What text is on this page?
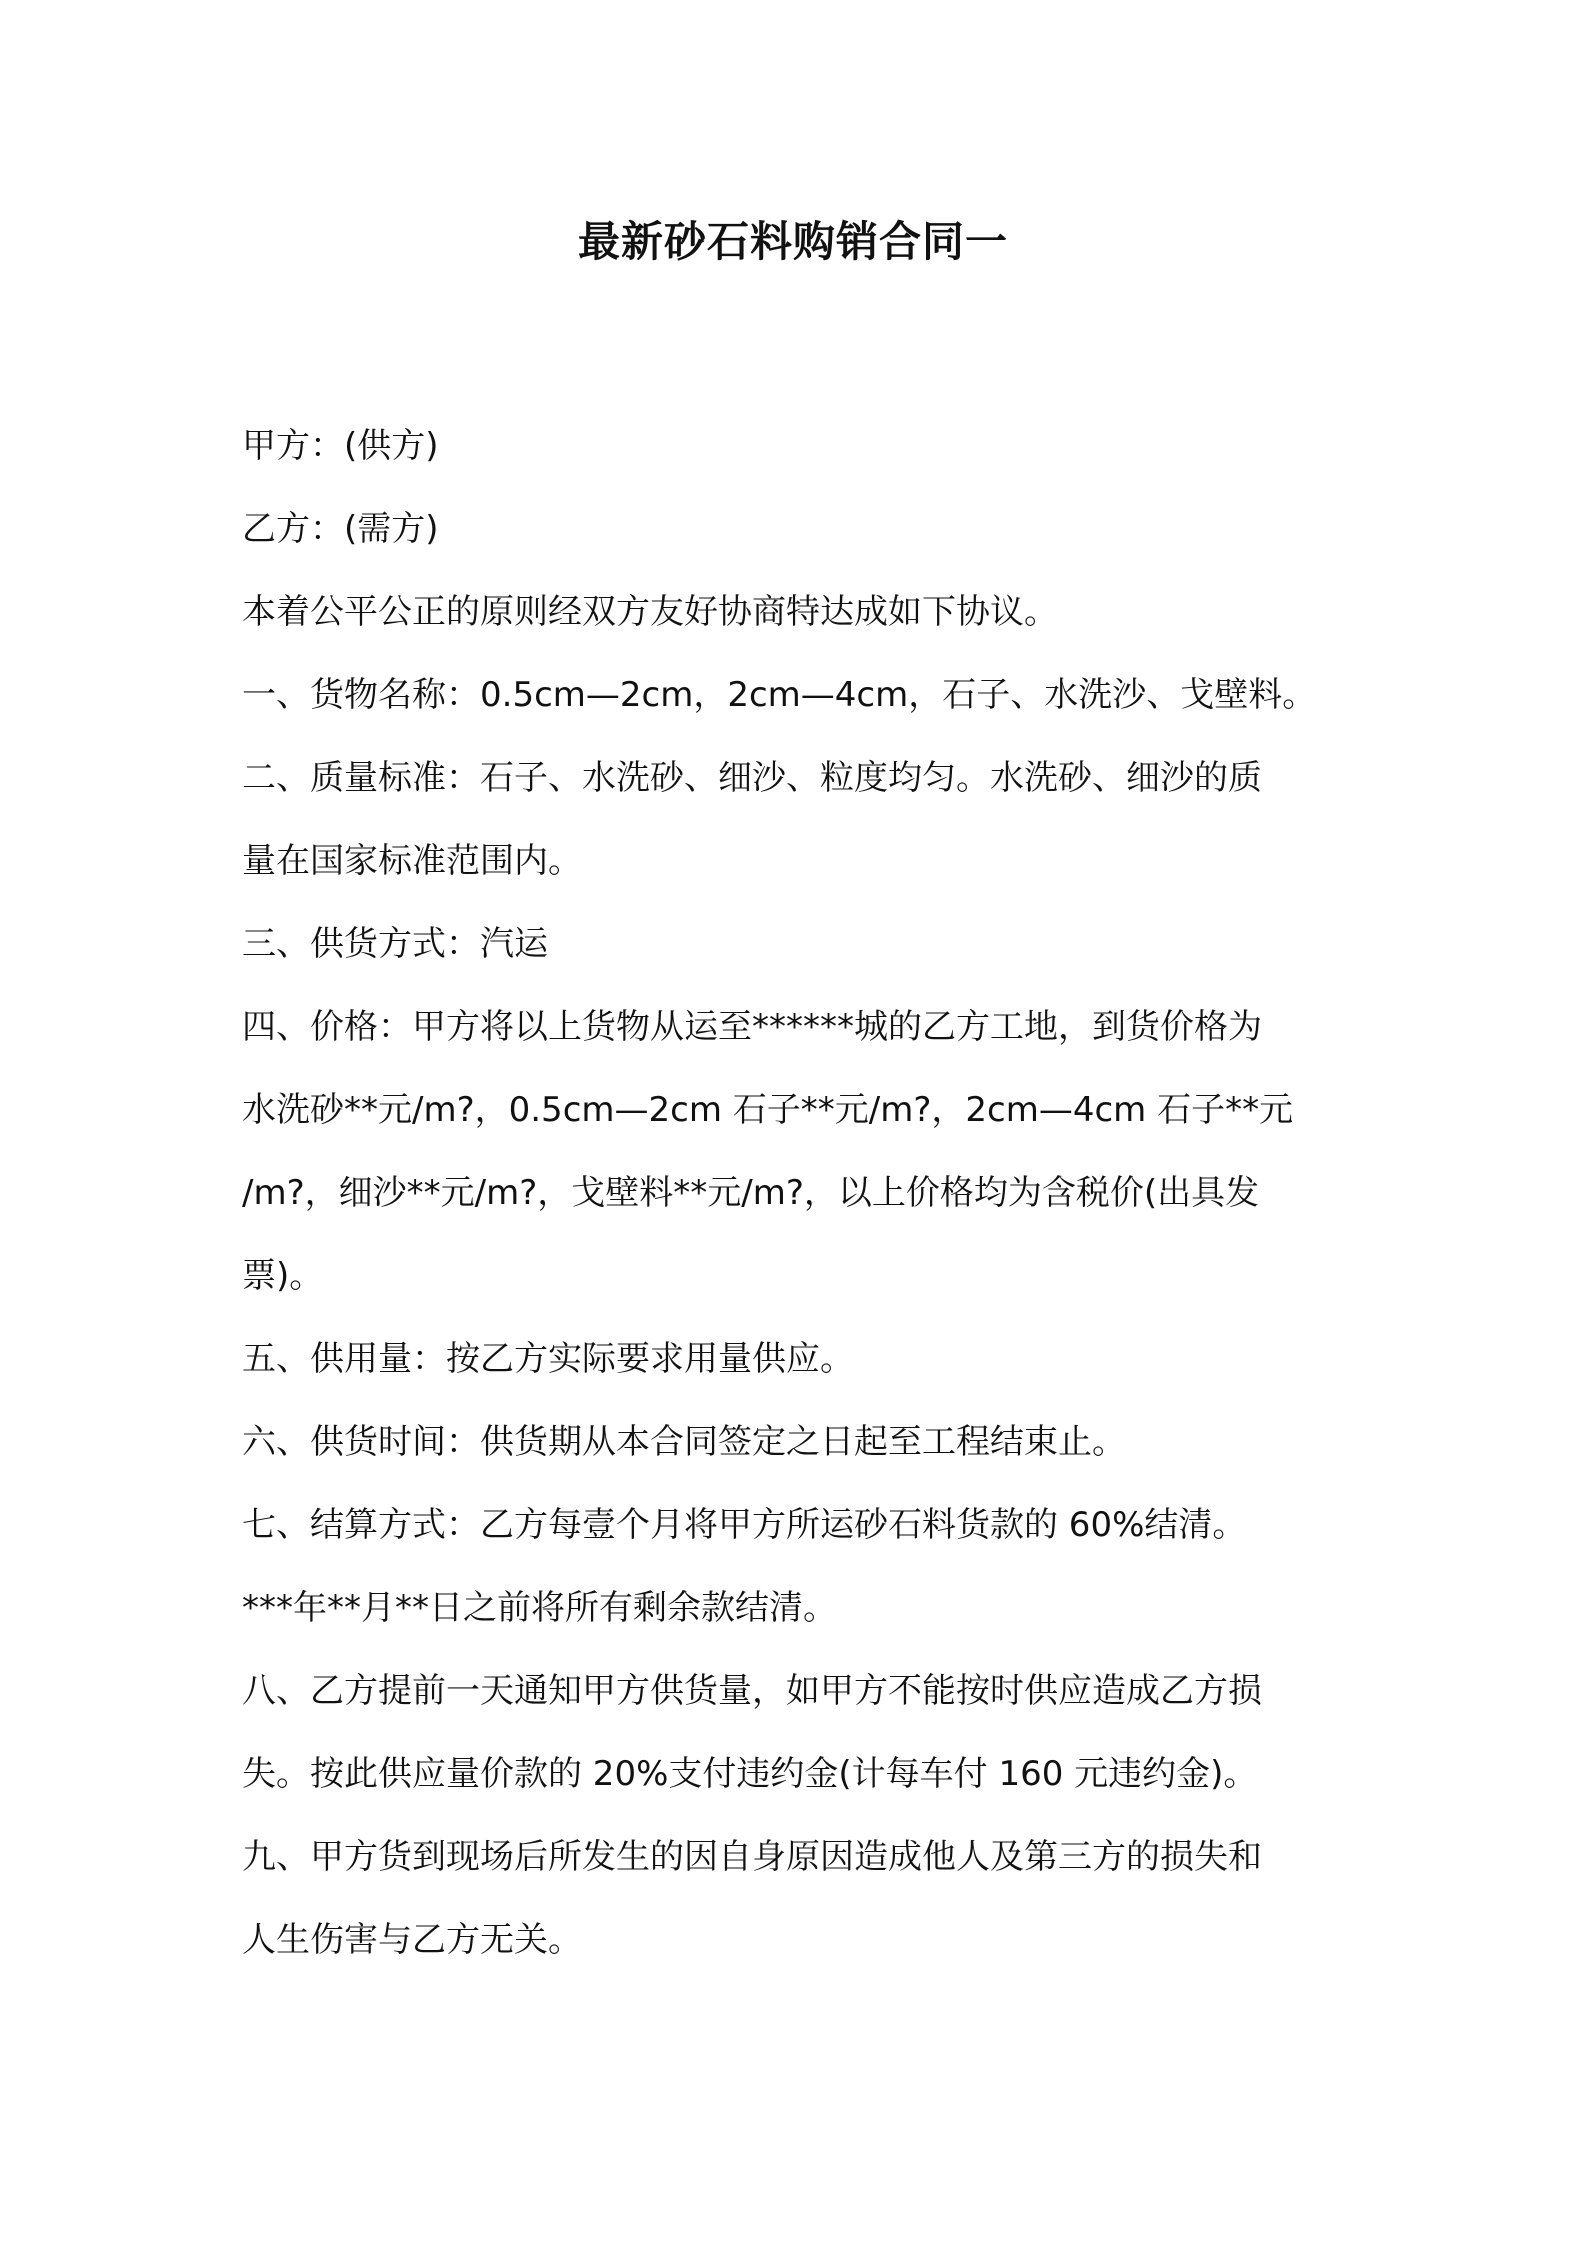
最新砂石料购销合同一
甲方：(供方)
乙方：(需方)
本着公平公正的原则经双方友好协商特达成如下协议。
一、货物名称：0.5cm—2cm，2cm—4cm，石子、水洗沙、戈壁料。
二、质量标准：石子、水洗砂、细沙、粒度均匀。水洗砂、细沙的质
量在国家标准范围内。
三、供货方式：汽运
四、价格：甲方将以上货物从运至******城的乙方工地，到货价格为
水洗砂**元/m?，0.5cm—2cm 石子**元/m?，2cm—4cm 石子**元
/m?，细沙**元/m?，戈壁料**元/m?，以上价格均为含税价(出具发
票)。
五、供用量：按乙方实际要求用量供应。
六、供货时间：供货期从本合同签定之日起至工程结束止。
七、结算方式：乙方每壹个月将甲方所运砂石料货款的 60%结清。
***年**月**日之前将所有剩余款结清。
八、乙方提前一天通知甲方供货量，如甲方不能按时供应造成乙方损
失。按此供应量价款的 20%支付违约金(计每车付 160 元违约金)。
九、甲方货到现场后所发生的因自身原因造成他人及第三方的损失和
人生伤害与乙方无关。
